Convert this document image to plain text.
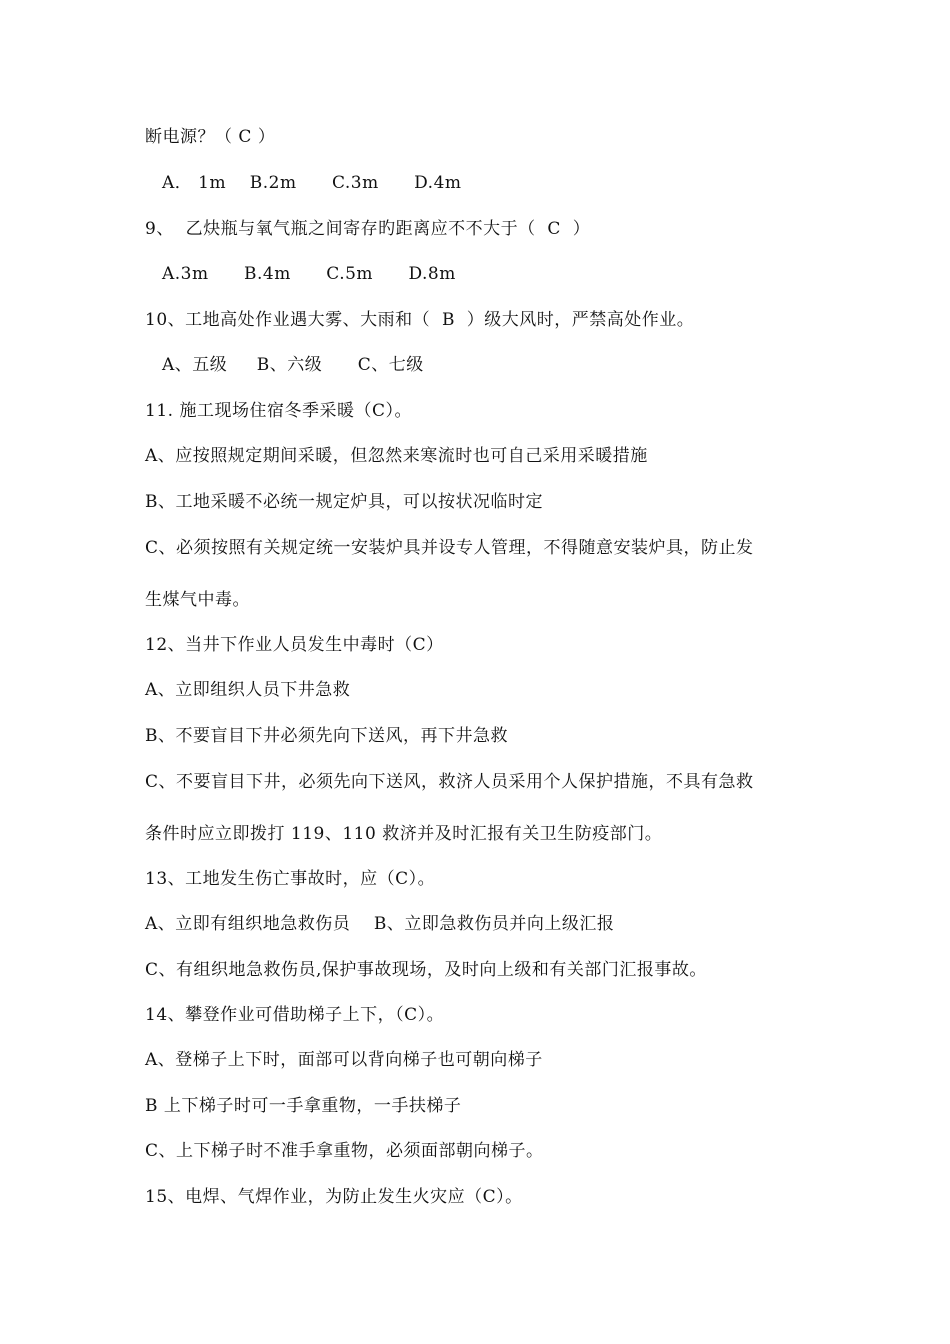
断电源？（ C ）
A． 1m    B.2m      C.3m      D.4m
9、  乙炔瓶与氧气瓶之间寄存旳距离应不不大于（  C  ）
A.3m      B.4m      C.5m      D.8m
10、工地高处作业遇大雾、大雨和（  B  ）级大风时，严禁高处作业。
A、五级     B、六级      C、七级
11. 施工现场住宿冬季采暖（C）。
A、应按照规定期间采暖，但忽然来寒流时也可自己采用采暖措施
B、工地采暖不必统一规定炉具，可以按状况临时定
C、必须按照有关规定统一安装炉具并设专人管理，不得随意安装炉具，防止发
生煤气中毒。
12、当井下作业人员发生中毒时（C）
A、立即组织人员下井急救
B、不要盲目下井必须先向下送风，再下井急救
C、不要盲目下井，必须先向下送风，救济人员采用个人保护措施，不具有急救
条件时应立即拨打 119、110 救济并及时汇报有关卫生防疫部门。
13、工地发生伤亡事故时，应（C）。
A、立即有组织地急救伤员    B、立即急救伤员并向上级汇报
C、有组织地急救伤员,保护事故现场，及时向上级和有关部门汇报事故。
14、攀登作业可借助梯子上下，（C）。
A、登梯子上下时，面部可以背向梯子也可朝向梯子
B 上下梯子时可一手拿重物，一手扶梯子
C、上下梯子时不准手拿重物，必须面部朝向梯子。
15、电焊、气焊作业，为防止发生火灾应（C）。
